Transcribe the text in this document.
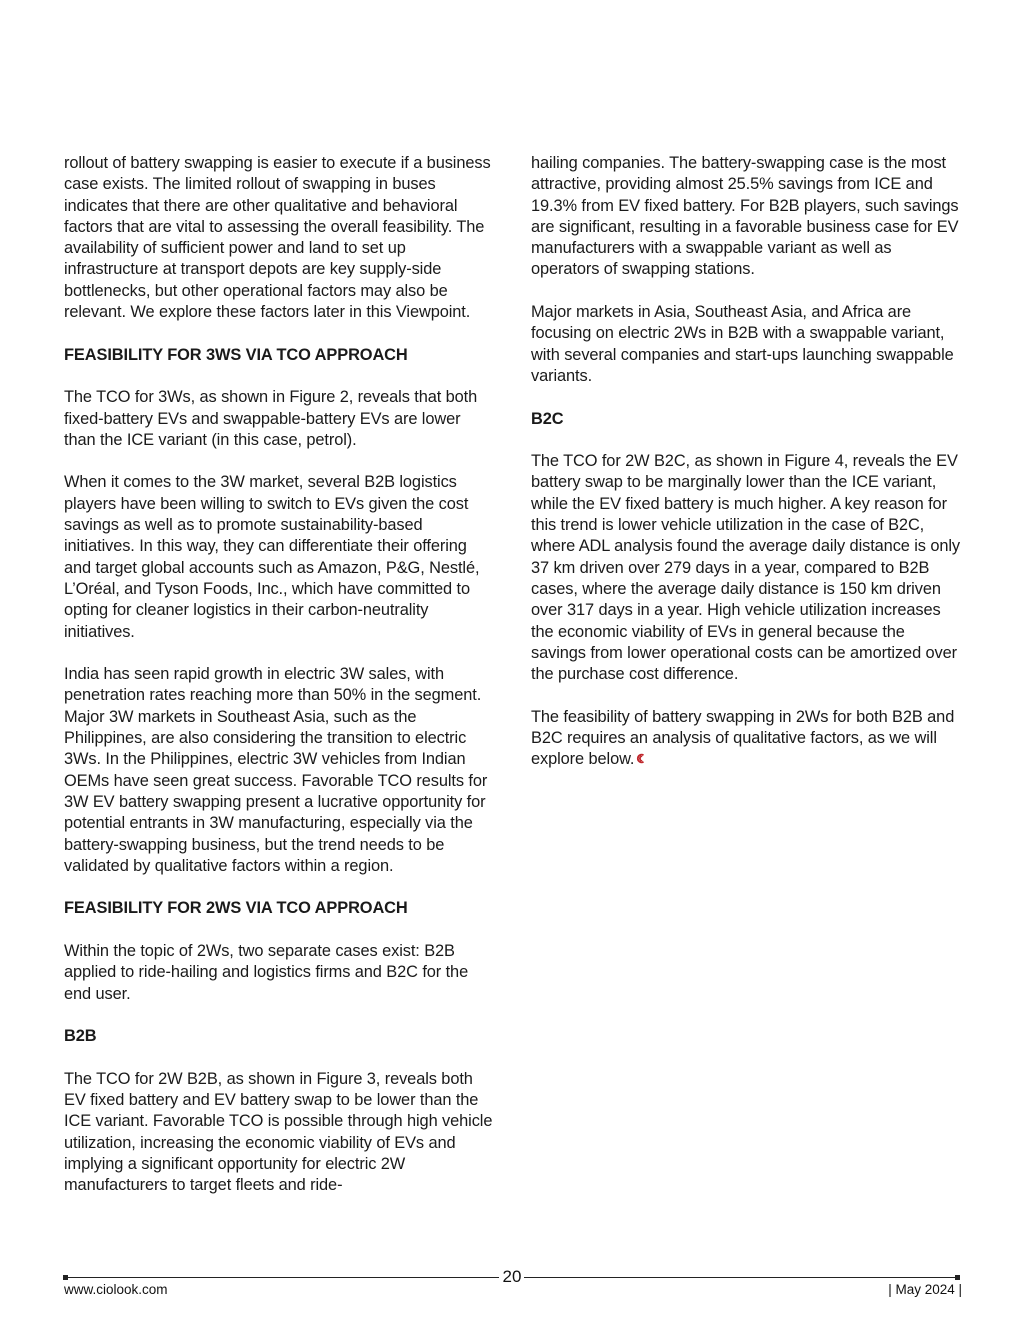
rollout of battery swapping is easier to execute if a business case exists. The limited rollout of swapping in buses indicates that there are other qualitative and behavioral factors that are vital to assessing the overall feasibility. The availability of sufficient power and land to set up infrastructure at transport depots are key supply-side bottlenecks, but other operational factors may also be relevant. We explore these factors later in this Viewpoint.

FEASIBILITY FOR 3WS VIA TCO APPROACH

The TCO for 3Ws, as shown in Figure 2, reveals that both fixed-battery EVs and swappable-battery EVs are lower than the ICE variant (in this case, petrol).

When it comes to the 3W market, several B2B logistics players have been willing to switch to EVs given the cost savings as well as to promote sustainability-based initiatives. In this way, they can differentiate their offering and target global accounts such as Amazon, P&G, Nestlé, L’Oréal, and Tyson Foods, Inc., which have committed to opting for cleaner logistics in their carbon-neutrality initiatives.

India has seen rapid growth in electric 3W sales, with penetration rates reaching more than 50% in the segment. Major 3W markets in Southeast Asia, such as the Philippines, are also considering the transition to electric 3Ws. In the Philippines, electric 3W vehicles from Indian OEMs have seen great success. Favorable TCO results for 3W EV battery swapping present a lucrative opportunity for potential entrants in 3W manufacturing, especially via the battery-swapping business, but the trend needs to be validated by qualitative factors within a region.

FEASIBILITY FOR 2WS VIA TCO APPROACH

Within the topic of 2Ws, two separate cases exist: B2B applied to ride-hailing and logistics firms and B2C for the end user.

B2B

The TCO for 2W B2B, as shown in Figure 3, reveals both EV fixed battery and EV battery swap to be lower than the ICE variant. Favorable TCO is possible through high vehicle utilization, increasing the economic viability of EVs and implying a significant opportunity for electric 2W manufacturers to target fleets and ride-

hailing companies. The battery-swapping case is the most attractive, providing almost 25.5% savings from ICE and 19.3% from EV fixed battery. For B2B players, such savings are significant, resulting in a favorable business case for EV manufacturers with a swappable variant as well as operators of swapping stations.

Major markets in Asia, Southeast Asia, and Africa are focusing on electric 2Ws in B2B with a swappable variant, with several companies and start-ups launching swappable variants.

B2C

The TCO for 2W B2C, as shown in Figure 4, reveals the EV battery swap to be marginally lower than the ICE variant, while the EV fixed battery is much higher. A key reason for this trend is lower vehicle utilization in the case of B2C, where ADL analysis found the average daily distance is only 37 km driven over 279 days in a year, compared to B2B cases, where the average daily distance is 150 km driven over 317 days in a year. High vehicle utilization increases the economic viability of EVs in general because the savings from lower operational costs can be amortized over the purchase cost difference.

The feasibility of battery swapping in 2Ws for both B2B and B2C requires an analysis of qualitative factors, as we will explore below.

20
www.ciolook.com	| May 2024 |
